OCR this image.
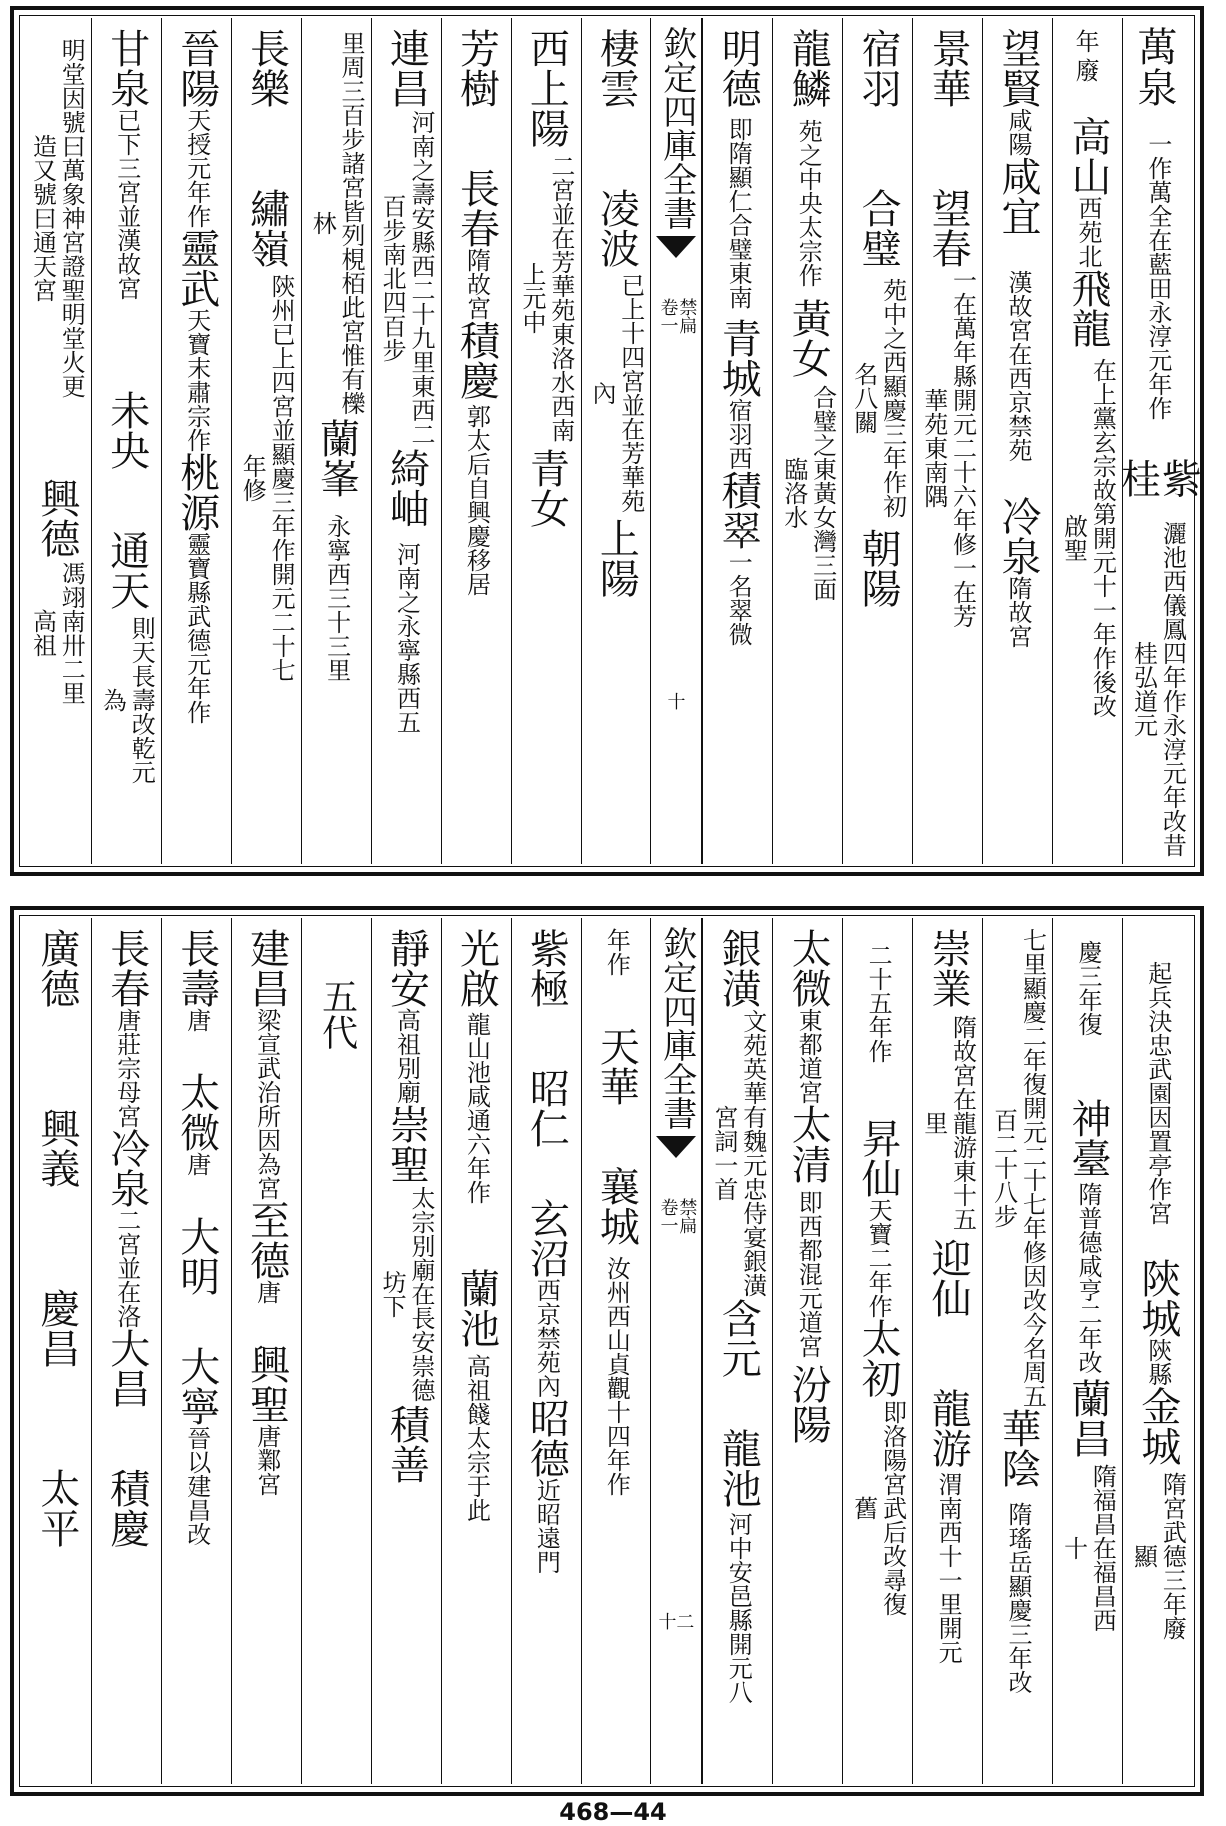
萬泉
一作萬全在藍田永淳元年作
紫桂
灑池西儀鳳四年作永淳元年改昔桂弘道元
年
廢
高山
西苑北
飛龍
在上黨玄宗故第開元十一年作後改啟聖
望賢
咸陽
咸宜
漢故宮在西京禁苑
冷泉
隋故宮
景華
望春
一在萬年縣開元二十六年修一在芳華苑東南隅
宿羽
合璧
苑中之西顯慶三年作初名八關
朝陽
龍鱗
苑之中央太宗作
黃女
合璧之東黃女灣三面臨洛水
明德
即隋顯仁合璧東南
青城
宿羽西
積翠
一名翠微
欽定四庫全書
禁扁
卷一
十
棲雲
凌波
已上十四宮並在芳華苑內
上陽
西上陽
二宮並在芳華苑東洛水西南上元中
青女
芳樹
長春
隋故宮
積慶
郭太后自興慶移居
連昌
河南之壽安縣西二十九里東西二百步南北四百步
綺岫
河南之永寧縣西五
里周三百步諸宮皆列梘栢此宮惟有櫟林
蘭峯
永寧西三十三里
長樂
繡嶺
陝州已上四宮並顯慶三年作開元二十七年修
晉陽
天授元年作
靈武
天寶末肅宗作
桃源
靈寶縣武德元年作
甘泉
已下三宮並漢故宮
未央
通天
則天長壽改乾元為
明堂因號曰萬象神宮證聖明堂火更造又號曰通天宮
興德
馮翊南卅二里高祖
起兵決忠武園因置亭作宮
陝城
陝縣
金城
隋宮武德三年廢顯
慶三年復
神臺
隋普德咸亨二年改
蘭昌
隋福昌在福昌西十
七里顯慶二年復開元二十七年修因改今名周五百二十八步
華陰
隋瑤岳顯慶三年改
崇業
隋故宮在龍游東十五里
迎仙
龍游
渭南西十一里開元
二十五年作
昇仙
天寶二年作
太初
即洛陽宮武后改尋復舊
太微
東都道宮
太清
即西都混元道宮
汾陽
銀潢
文苑英華有魏元忠侍宴銀潢宮詞一首
含元
龍池
河中安邑縣開元八
欽定四庫全書
禁扁
卷一
十二
年作
天華
襄城
汝州西山貞觀十四年作
紫極
昭仁
玄沼
西京禁苑內
昭德
近昭遠門
光啟
龍山池咸通六年作
蘭池
高祖餞太宗于此
靜安
高祖別廟
崇聖
太宗別廟在長安崇德坊下
積善
五代
建昌
梁宣武治所因為宮
至德
唐
興聖
唐鄴宮
長壽
唐
太微
唐
大明
大寧
晉以建昌改
長春
唐莊宗母宮
冷泉
二宮並在洛
大昌
積慶
廣德
興義
慶昌
太平
468—44
